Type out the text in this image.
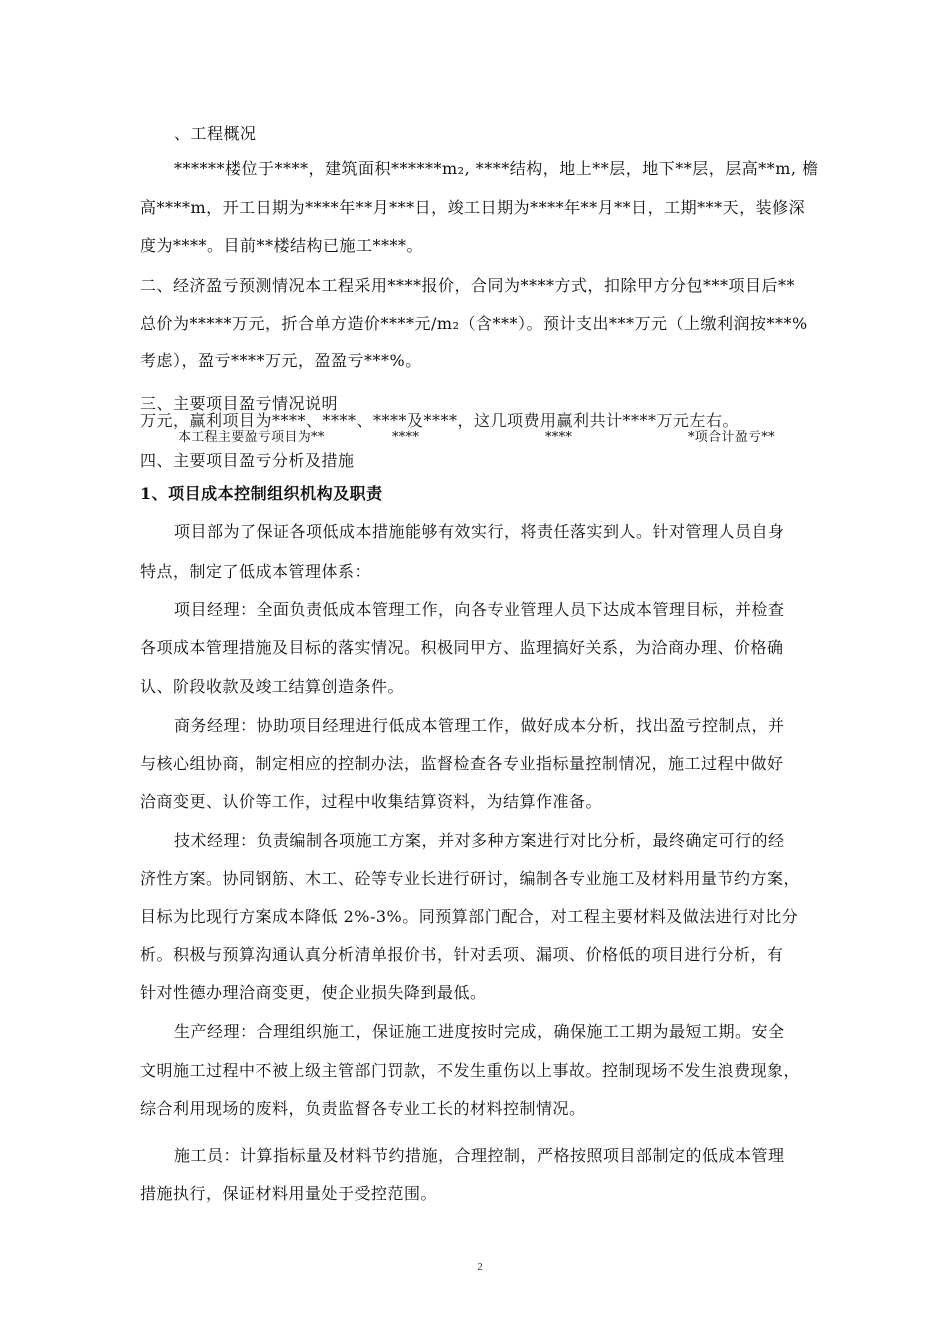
、工程概况
******楼位于****，建筑面积******m₂, ****结构，地上**层，地下**层，层高**m, 檐
高****m，开工日期为****年**月***日，竣工日期为****年**月**日，工期***天，装修深
度为****。目前**楼结构已施工****。
二、经济盈亏预测情况本工程采用****报价，合同为****方式，扣除甲方分包***项目后**
总价为*****万元，折合单方造价****元/m₂（含***）。预计支出***万元（上缴利润按***%
考虑），盈亏****万元，盈盈亏***%。
三、主要项目盈亏情况说明
万元，赢利项目为****、****、****及****，这几项费用赢利共计****万元左右。
本工程主要盈亏项目为**	****	****	*项合计盈亏**
四、主要项目盈亏分析及措施
1、项目成本控制组织机构及职责
项目部为了保证各项低成本措施能够有效实行，将责任落实到人。针对管理人员自身
特点，制定了低成本管理体系：
项目经理：全面负责低成本管理工作，向各专业管理人员下达成本管理目标，并检查
各项成本管理措施及目标的落实情况。积极同甲方、监理搞好关系，为洽商办理、价格确
认、阶段收款及竣工结算创造条件。
商务经理：协助项目经理进行低成本管理工作，做好成本分析，找出盈亏控制点，并
与核心组协商，制定相应的控制办法，监督检查各专业指标量控制情况，施工过程中做好
洽商变更、认价等工作，过程中收集结算资料，为结算作准备。
技术经理：负责编制各项施工方案，并对多种方案进行对比分析，最终确定可行的经
济性方案。协同钢筋、木工、砼等专业长进行研讨，编制各专业施工及材料用量节约方案，
目标为比现行方案成本降低 2%-3%。同预算部门配合，对工程主要材料及做法进行对比分
析。积极与预算沟通认真分析清单报价书，针对丢项、漏项、价格低的项目进行分析，有
针对性德办理洽商变更，使企业损失降到最低。
生产经理：合理组织施工，保证施工进度按时完成，确保施工工期为最短工期。安全
文明施工过程中不被上级主管部门罚款，不发生重伤以上事故。控制现场不发生浪费现象，
综合利用现场的废料，负责监督各专业工长的材料控制情况。
施工员：计算指标量及材料节约措施，合理控制，严格按照项目部制定的低成本管理
措施执行，保证材料用量处于受控范围。
2
